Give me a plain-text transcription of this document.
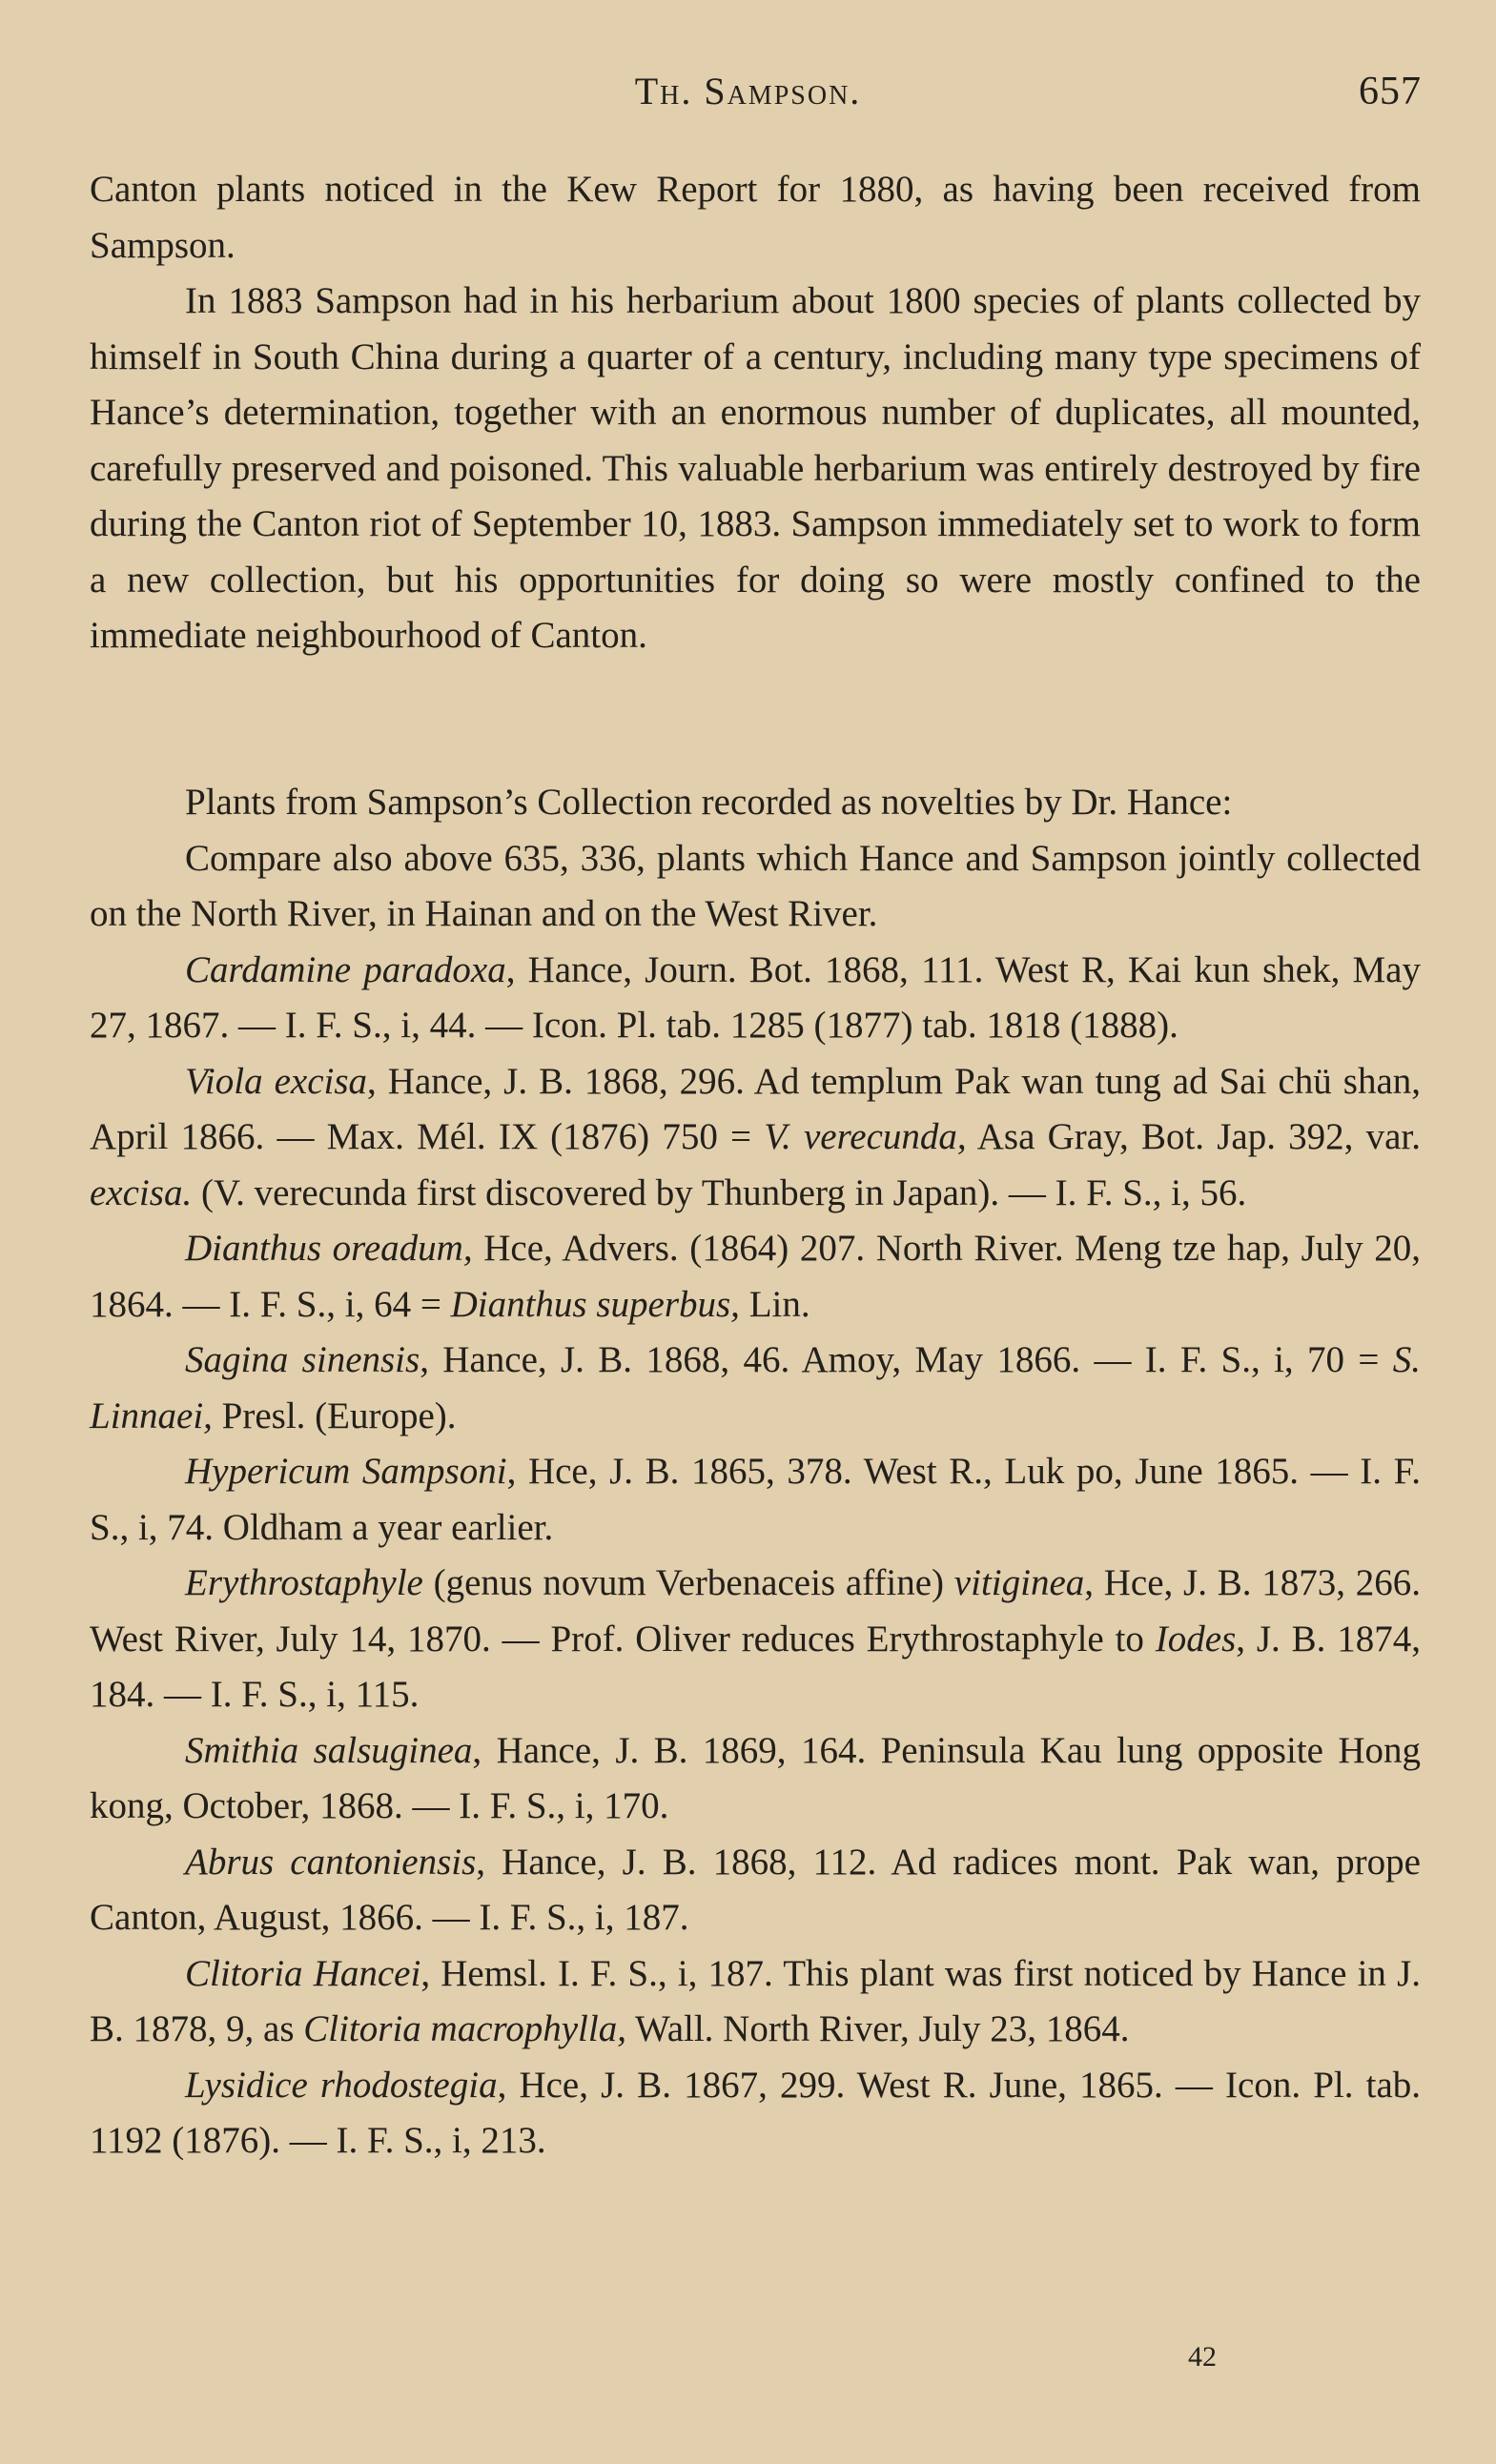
Th. Sampson.	657

Canton plants noticed in the Kew Report for 1880, as having been received from Sampson.

In 1883 Sampson had in his herbarium about 1800 species of plants collected by himself in South China during a quarter of a century, including many type specimens of Hance’s determination, together with an enormous number of duplicates, all mounted, carefully preserved and poisoned. This valuable herbarium was entirely destroyed by fire during the Canton riot of September 10, 1883. Sampson immediately set to work to form a new collection, but his opportunities for doing so were mostly confined to the immediate neighbourhood of Canton.

Plants from Sampson’s Collection recorded as novelties by Dr. Hance:

Compare also above 635, 336, plants which Hance and Sampson jointly collected on the North River, in Hainan and on the West River.

Cardamine paradoxa, Hance, Journ. Bot. 1868, 111. West R, Kai kun shek, May 27, 1867. — I. F. S., i, 44. — Icon. Pl. tab. 1285 (1877) tab. 1818 (1888).

Viola excisa, Hance, J. B. 1868, 296. Ad templum Pak wan tung ad Sai chü shan, April 1866. — Max. Mél. IX (1876) 750 = V. verecunda, Asa Gray, Bot. Jap. 392, var. excisa. (V. verecunda first discovered by Thunberg in Japan). — I. F. S., i, 56.

Dianthus oreadum, Hce, Advers. (1864) 207. North River. Meng tze hap, July 20, 1864. — I. F. S., i, 64 = Dianthus superbus, Lin.

Sagina sinensis, Hance, J. B. 1868, 46. Amoy, May 1866. — I. F. S., i, 70 = S. Linnaei, Presl. (Europe).

Hypericum Sampsoni, Hce, J. B. 1865, 378. West R., Luk po, June 1865. — I. F. S., i, 74. Oldham a year earlier.

Erythrostaphyle (genus novum Verbenaceis affine) vitiginea, Hce, J. B. 1873, 266. West River, July 14, 1870. — Prof. Oliver reduces Erythrostaphyle to Iodes, J. B. 1874, 184. — I. F. S., i, 115.

Smithia salsuginea, Hance, J. B. 1869, 164. Peninsula Kau lung opposite Hong kong, October, 1868. — I. F. S., i, 170.

Abrus cantoniensis, Hance, J. B. 1868, 112. Ad radices mont. Pak wan, prope Canton, August, 1866. — I. F. S., i, 187.

Clitoria Hancei, Hemsl. I. F. S., i, 187. This plant was first noticed by Hance in J. B. 1878, 9, as Clitoria macrophylla, Wall. North River, July 23, 1864.

Lysidice rhodostegia, Hce, J. B. 1867, 299. West R. June, 1865. — Icon. Pl. tab. 1192 (1876). — I. F. S., i, 213.

42
